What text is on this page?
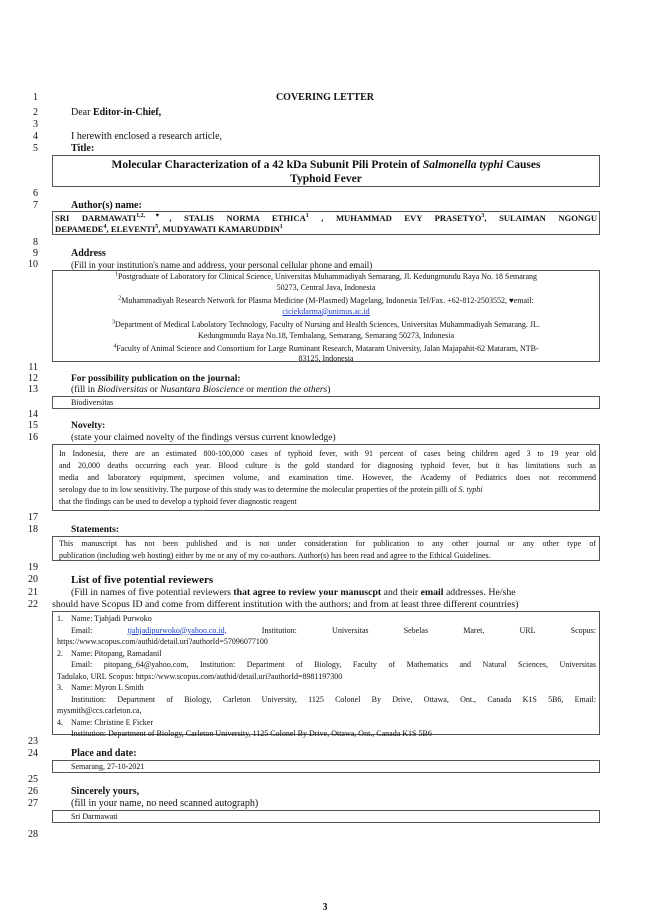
1
2
3
4
5
6
7
8
9
10
11
12
13
14
15
16
17
18
19
20
21
22
23
24
25
26
27
28
COVERING LETTER
Dear Editor-in-Chief,
I herewith enclosed a research article,
Title:
Molecular Characterization of a 42 kDa Subunit Pili Protein of Salmonella typhi Causes
Typhoid Fever
Author(s) name:
SRI $DARMAWATI^{1,2,♥}$, STALIS NORMA ETHICA$^1$ , MUHAMMAD EVY PRASETYO$^3$, SULAIMAN NGONGU
DEPAMEDE$^4$, ELEVENTI$^5$, MUDYAWATI KAMARUDDIN$^1$
Address
(Fill in your institution's name and address, your personal cellular phone and email)
$^1$Postgraduate of Laboratory for Clinical Science, Universitas Muhammadiyah Semarang, Jl. Kedungmundu Raya No. 18 Semarang
50273, Central Java, Indonesia
$^2$Muhammadiyah Research Network for Plasma Medicine (M-Plasmed) Magelang, Indonesia Tel/Fax. +62-812-2503552, ♥email:
ciciekdarma@unimus.ac.id
$^3$Department of Medical Labolatory Technology, Faculty of Nursing and Health Sciences, Universitas Muhammadiyah Semarang. JL.
Kedungmundu Raya No.18, Tembalang, Semarang, Semarang 50273, Indonesia
$^4$Faculty of Animal Science and Consortium for Large Ruminant Research, Mataram University, Jalan Majapahit-62 Mataram, NTB-
83125, Indonesia
For possibility publication on the journal:
(fill in Biodiversitas or Nusantara Bioscience or mention the others)
Biodiversitas
Novelty:
(state your claimed novelty of the findings versus current knowledge)
In Indonesia, there are an estimated 800-100,000 cases of typhoid fever, with 91 percent of cases being children aged 3 to 19 year old
and 20,000 deaths occurring each year. Blood culture is the gold standard for diagnosing typhoid fever, but it has limitations such as
media and laboratory equipment, specimen volume, and examination time. However, the Academy of Pediatrics does not recommend
serology due to its low sensitivity. The purpose of this study was to determine the molecular properties of the protein pilli of S. typhi
that the findings can be used to develop a typhoid fever diagnostic reagent
Statements:
This manuscript has not been published and is not under consideration for publication to any other journal or any other type of
publication (including web hosting) either by me or any of my co-authors. Author(s) has been read and agree to the Ethical Guidelines.
List of five potential reviewers
(Fill in names of five potential reviewers that agree to review your manuscpt and their email addresses. He/she
should have Scopus ID and come from different institution with the authors; and from at least three different countries)
1. Name: Tjahjadi Purwoko
Email:	tjahjadipurwoko@yahoo.co.id,	Institution:	Universitas	Sebelas	Maret,	URL	Scopus:
https://www.scopus.com/authid/detail.uri?authorId=57096077100
2. Name: Pitopang, Ramadanil
Email: pitopang_64@yahoo.com, Institution: Department of Biology, Faculty of Mathematics and Natural Sciences, Universitas
Tadulako, URL Scopus: https://www.scopus.com/authid/detail.uri?authorId=8981197300
3. Name: Myron L Smith
Institution: Department of Biology, Carleton University, 1125 Colonel By Drive, Ottawa, Ont., Canada K1S 5B6, Email:
mysmith@ccs.carleton.ca,
4. Name: Christine E Ficker
Institution: Department of Biology, Carleton University, 1125 Colonel By Drive, Ottawa, Ont., Canada K1S 5B6
Place and date:
Semarang, 27-10-2021
Sincerely yours,
(fill in your name, no need scanned autograph)
Sri Darmawati
3
